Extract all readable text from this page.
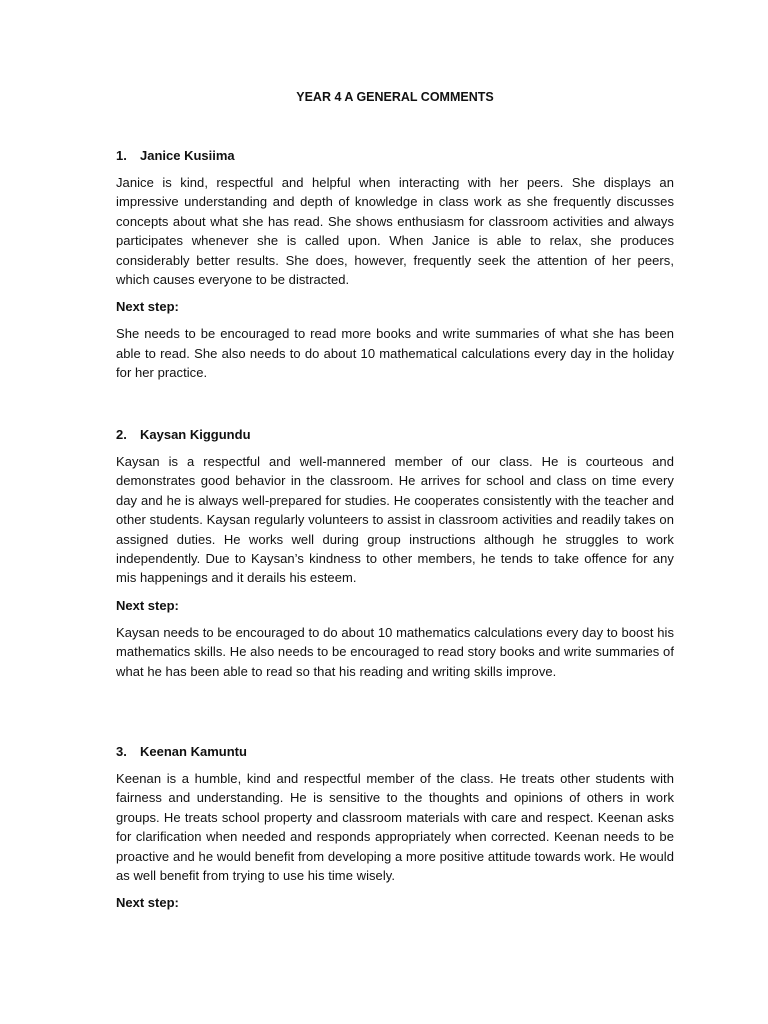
YEAR 4 A GENERAL COMMENTS
1.	Janice Kusiima

Janice is kind, respectful and helpful when interacting with her peers. She displays an impressive understanding and depth of knowledge in class work as she frequently discusses concepts about what she has read. She shows enthusiasm for classroom activities and always participates whenever she is called upon. When Janice is able to relax, she produces considerably better results. She does, however, frequently seek the attention of her peers, which causes everyone to be distracted.

Next step:

She needs to be encouraged to read more books and write summaries of what she has been able to read. She also needs to do about 10 mathematical calculations every day in the holiday for her practice.

2.	Kaysan Kiggundu

Kaysan is a respectful and well-mannered member of our class. He is courteous and demonstrates good behavior in the classroom. He arrives for school and class on time every day and he is always well-prepared for studies. He cooperates consistently with the teacher and other students. Kaysan regularly volunteers to assist in classroom activities and readily takes on assigned duties. He works well during group instructions although he struggles to work independently. Due to Kaysan’s kindness to other members, he tends to take offence for any mis happenings and it derails his esteem.

Next step:

Kaysan needs to be encouraged to do about 10 mathematics calculations every day to boost his mathematics skills. He also needs to be encouraged to read story books and write summaries of what he has been able to read so that his reading and writing skills improve.

3.	Keenan Kamuntu

Keenan is a humble, kind and respectful member of the class. He treats other students with fairness and understanding. He is sensitive to the thoughts and opinions of others in work groups. He treats school property and classroom materials with care and respect. Keenan asks for clarification when needed and responds appropriately when corrected. Keenan needs to be proactive and he would benefit from developing a more positive attitude towards work. He would as well benefit from trying to use his time wisely.

Next step:
